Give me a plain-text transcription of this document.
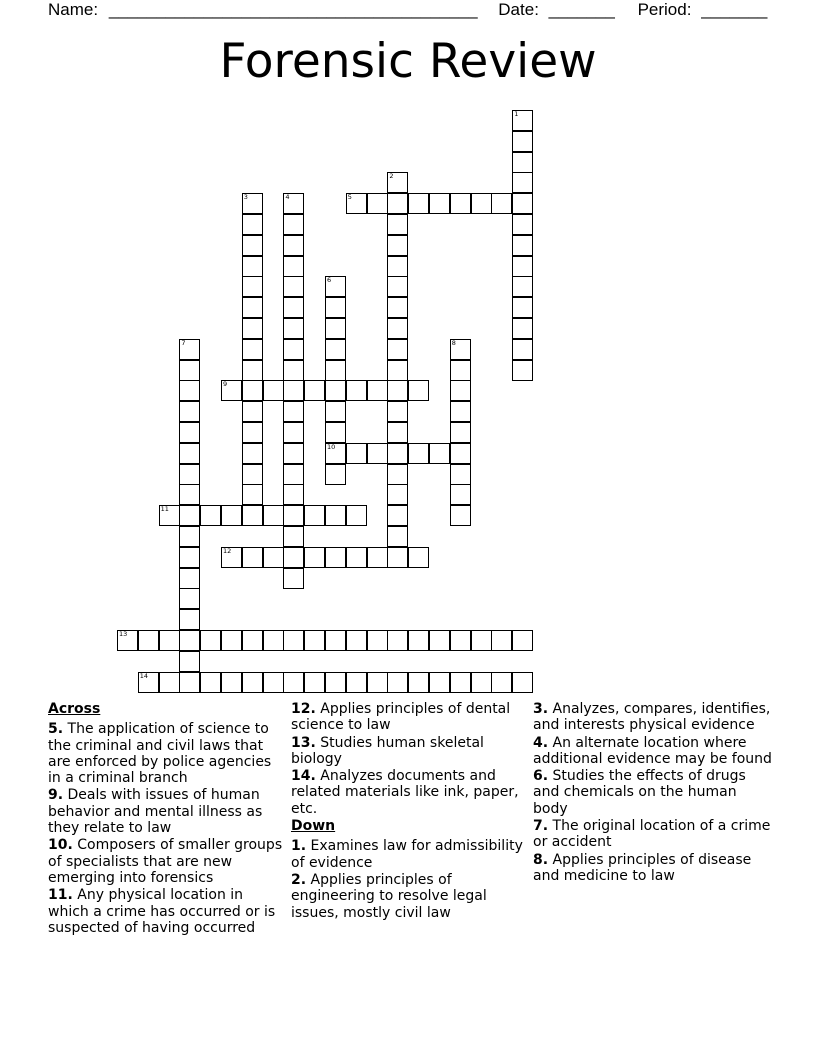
Name: _______________________________________ Date: _______ Period: _______
Forensic Review
1
2
3	4	5
6
7	8
9
10
11
12
13
14
Across
5. The application of science to the criminal and civil laws that are enforced by police agencies in a criminal branch
9. Deals with issues of human behavior and mental illness as they relate to law
10. Composers of smaller groups of specialists that are new emerging into forensics
11. Any physical location in which a crime has occurred or is suspected of having occurred
12. Applies principles of dental science to law
13. Studies human skeletal biology
14. Analyzes documents and related materials like ink, paper, etc.
Down
1. Examines law for admissibility of evidence
2. Applies principles of engineering to resolve legal issues, mostly civil law
3. Analyzes, compares, identifies, and interests physical evidence
4. An alternate location where additional evidence may be found
6. Studies the effects of drugs and chemicals on the human body
7. The original location of a crime or accident
8. Applies principles of disease and medicine to law
